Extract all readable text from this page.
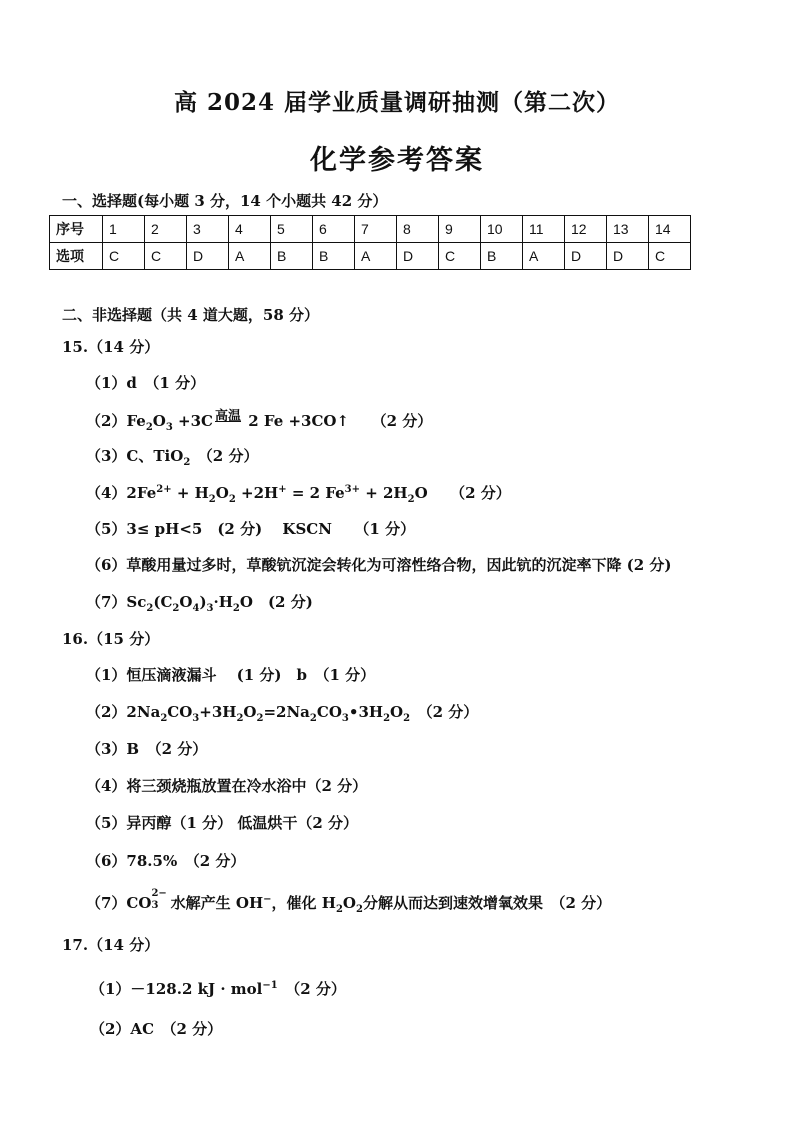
高 2024 届学业质量调研抽测（第二次）
化学参考答案
一、选择题(每小题 3 分，14 个小题共 42 分）
序号	1	2	3	4	5	6	7	8	9	10	11	12	13	14
选项	C	C	D	A	B	B	A	D	C	B	A	D	D	C
二、非选择题（共 4 道大题，58 分）
15.（14 分）
（1）d　（1 分）
$(2)Fe_2O_3 +3C$ 高温 2 Fe +3CO↑　　（2 分）
（3）C、TiO$_2$　（2 分）
$(4)2Fe^{2+} + H_2O_2 +2H^+ = 2$ $Fe^{3+} + 2H_2O$　　（2 分）
（5）3≤ pH<5　(2 分)　 KSCN　　（1 分）
（6）草酸用量过多时，草酸钪沉淀会转化为可溶性络合物，因此钪的沉淀率下降 (2 分)
$(7)Sc_2(C_2O_4)_3\cdot H_2O$　(2 分)
16.（15 分）
（1）恒压滴液漏斗　 (1 分)　b　（1 分）
$(2)2Na_2CO_3+3H_2O_2=2Na_2CO_3•3H_2O_2$　 （2 分）
（3）B　（2 分）
（4）将三颈烧瓶放置在冷水浴中（2 分）
（5）异丙醇（1 分） 低温烘干（2 分）
（6）78.5%　（2 分）
（7）CO
2−
3 水解产生 OH−，催化 $H_2O_2$分解从而达到速效增氧效果　（2 分）
17.（14 分）
（1）－128.2 kJ · mol$^{-1}$　 （2 分）
（2）AC　（2 分）
